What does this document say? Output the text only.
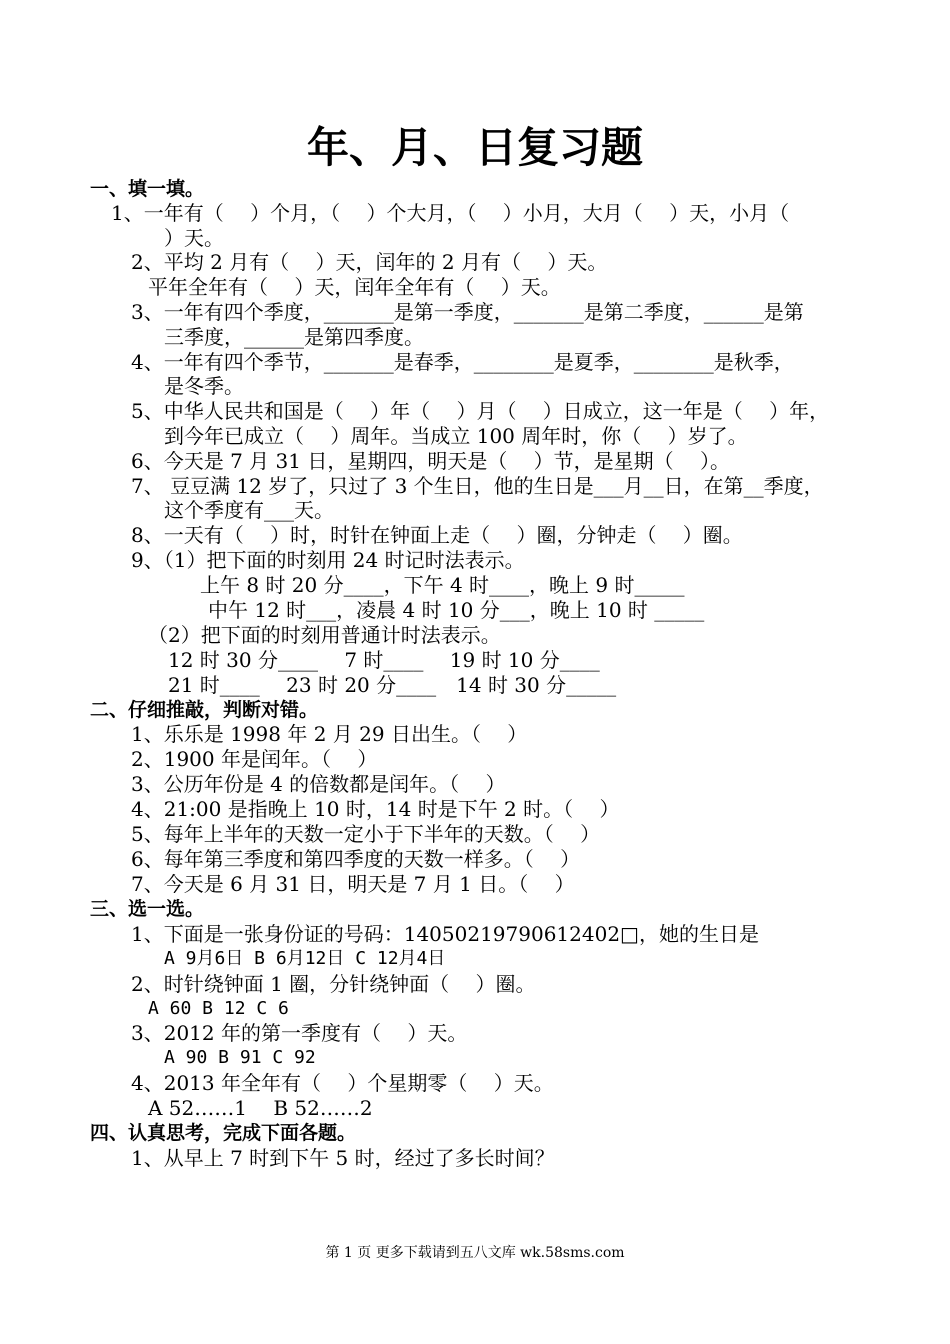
年、月、日复习题
一、填一填。
1、一年有（　 ）个月，（　 ）个大月，（　 ）小月，大月（　 ）天，小月（
）天。
2、平均 2 月有（　 ）天，闰年的 2 月有（　 ）天。
平年全年有（　 ）天，闰年全年有（　 ）天。
3、一年有四个季度，_______是第一季度，_______是第二季度，______是第
三季度，______是第四季度。
4、一年有四个季节，_______是春季，________是夏季，________是秋季，
是冬季。
5、中华人民共和国是（　 ）年（　 ）月（　 ）日成立，这一年是（　 ）年，
到今年已成立（　 ）周年。当成立 100 周年时，你（　 ）岁了。
6、今天是 7 月 31 日，星期四，明天是（　 ）节，是星期（　 ）。
7、 豆豆满 12 岁了，只过了 3 个生日，他的生日是___月__日，在第__季度，
这个季度有___天。
8、一天有（　 ）时，时针在钟面上走（　 ）圈，分钟走（　 ）圈。
9、（1）把下面的时刻用 24 时记时法表示。
上午 8 时 20 分____，下午 4 时____，晚上 9 时_____
中午 12 时___，凌晨 4 时 10 分___，晚上 10 时 _____
（2）把下面的时刻用普通计时法表示。
12 时 30 分____　 7 时____　 19 时 10 分____
21 时____　 23 时 20 分____　14 时 30 分_____
二、仔细推敲，判断对错。
1、乐乐是 1998 年 2 月 29 日出生。（　 ）
2、1900 年是闰年。（　 ）
3、公历年份是 4 的倍数都是闰年。（　 ）
4、21:00 是指晚上 10 时，14 时是下午 2 时。（　 ）
5、每年上半年的天数一定小于下半年的天数。（　 ）
6、每年第三季度和第四季度的天数一样多。（　 ）
7、今天是 6 月 31 日，明天是 7 月 1 日。（　 ）
三、选一选。
1、下面是一张身份证的号码：14050219790612402□，她的生日是
A 9月6日 B 6月12日 C 12月4日
2、时针绕钟面 1 圈，分针绕钟面（　 ）圈。
A 60 B 12 C 6
3、2012 年的第一季度有（　 ）天。
A 90 B 91 C 92
4、2013 年全年有（　 ）个星期零（　 ）天。
A 52……1　 B 52……2
四、认真思考，完成下面各题。
1、从早上 7 时到下午 5 时，经过了多长时间？
第 1 页 更多下载请到五八文库 wk.58sms.com
